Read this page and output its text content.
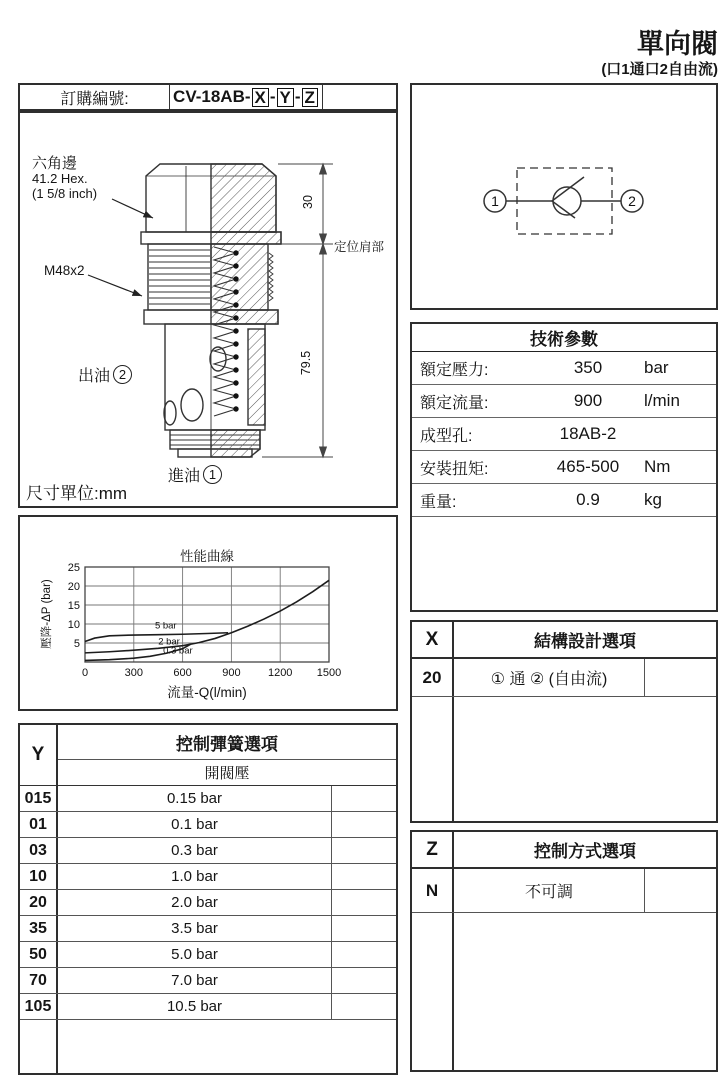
單向閥
(口1通口2自由流)
訂購編號:	CV-18AB- X - Y - Z
六角邊
41.2 Hex.
(1 5/8 inch)
M48x2
出油 2
進油 1
30
79.5
定位肩部
尺寸單位:mm
性能曲線
壓降-ΔP (bar)
流量-Q(l/min)
0	300	600	900 1200 1500
5
10
15
20
25
5 bar
2 bar
0.3 bar
Y	控制彈簧選項
開閥壓
015	0.15 bar
01	0.1 bar
03	0.3 bar
10	1.0 bar
20	2.0 bar
35	3.5 bar
50	5.0 bar
70	7.0 bar
105	10.5 bar
1	2
技術參數
額定壓力:	350	bar
額定流量:	900	l/min
成型孔:	18AB-2
安裝扭矩:	465-500	Nm
重量:	0.9	kg
X	結構設計選項
20	① 通 ② (自由流)
Z	控制方式選項
N	不可調
